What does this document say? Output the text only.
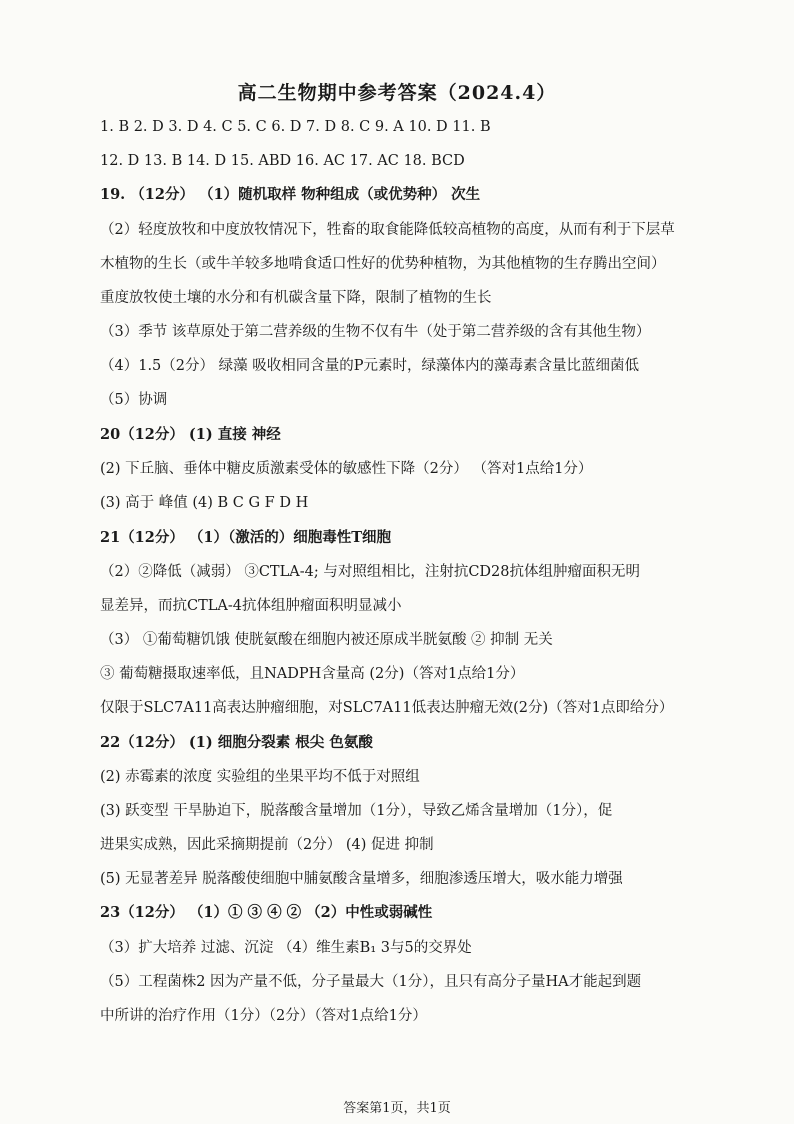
高二生物期中参考答案（2024.4）
1. B 2. D 3. D 4. C 5. C 6. D 7. D 8. C 9. A 10. D 11. B
12. D 13. B 14. D 15. ABD 16. AC 17. AC 18. BCD
19. （12分） （1）随机取样 物种组成（或优势种） 次生
（2）轻度放牧和中度放牧情况下，牲畜的取食能降低较高植物的高度，从而有利于下层草
木植物的生长（或牛羊较多地啃食适口性好的优势种植物，为其他植物的生存腾出空间）
重度放牧使土壤的水分和有机碳含量下降，限制了植物的生长
（3）季节 该草原处于第二营养级的生物不仅有牛（处于第二营养级的含有其他生物）
（4）1.5（2分） 绿藻 吸收相同含量的P元素时，绿藻体内的藻毒素含量比蓝细菌低
（5）协调
20（12分） (1) 直接 神经
(2) 下丘脑、垂体中糖皮质激素受体的敏感性下降（2分） （答对1点给1分）
(3) 高于 峰值 (4) B C G F D H
21（12分） （1）（激活的）细胞毒性T细胞
（2）②降低（减弱） ③CTLA-4; 与对照组相比，注射抗CD28抗体组肿瘤面积无明
显差异，而抗CTLA-4抗体组肿瘤面积明显减小
（3） ①葡萄糖饥饿 使胱氨酸在细胞内被还原成半胱氨酸 ② 抑制 无关
③ 葡萄糖摄取速率低，且NADPH含量高 (2分)（答对1点给1分）
仅限于SLC7A11高表达肿瘤细胞，对SLC7A11低表达肿瘤无效(2分)（答对1点即给分）
22（12分） (1) 细胞分裂素 根尖 色氨酸
(2) 赤霉素的浓度 实验组的坐果平均不低于对照组
(3) 跃变型 干旱胁迫下，脱落酸含量增加（1分），导致乙烯含量增加（1分），促
进果实成熟，因此采摘期提前（2分） (4) 促进 抑制
(5) 无显著差异 脱落酸使细胞中脯氨酸含量增多，细胞渗透压增大，吸水能力增强
23（12分） （1）① ③ ④ ② （2）中性或弱碱性
（3）扩大培养 过滤、沉淀 （4）维生素B₁ 3与5的交界处
（5）工程菌株2 因为产量不低，分子量最大（1分），且只有高分子量HA才能起到题
中所讲的治疗作用（1分）（2分）（答对1点给1分）
答案第1页，共1页
